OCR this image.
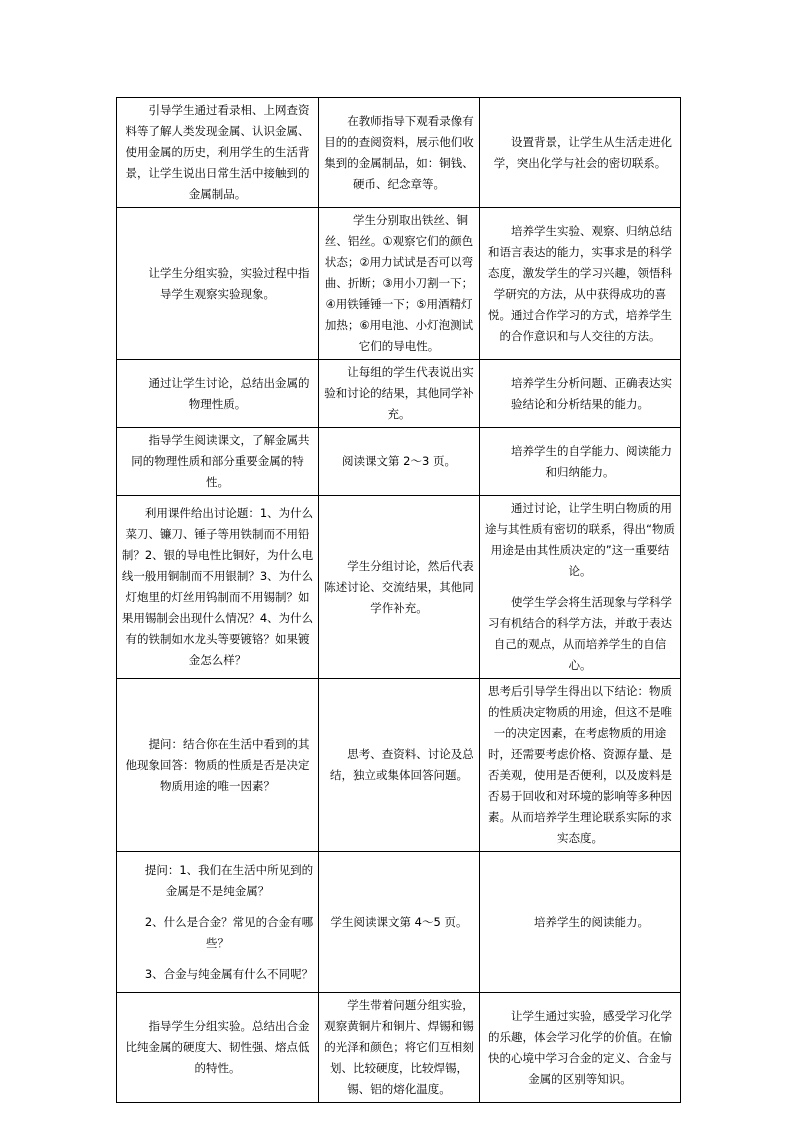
引导学生通过看录相、上网查资料等了解人类发现金属、认识金属、使用金属的历史，利用学生的生活背景，让学生说出日常生活中接触到的金属制品。	在教师指导下观看录像有目的的查阅资料，展示他们收集到的金属制品，如：铜钱、硬币、纪念章等。	设置背景，让学生从生活走进化学，突出化学与社会的密切联系。

让学生分组实验，实验过程中指导学生观察实验现象。	学生分别取出铁丝、铜丝、铝丝。①观察它们的颜色状态；②用力试试是否可以弯曲、折断；③用小刀割一下；④用铁锤锤一下；⑤用酒精灯加热；⑥用电池、小灯泡测试它们的导电性。	培养学生实验、观察、归纳总结和语言表达的能力，实事求是的科学态度，激发学生的学习兴趣，领悟科学研究的方法，从中获得成功的喜悦。通过合作学习的方式，培养学生的合作意识和与人交往的方法。

通过让学生讨论，总结出金属的物理性质。	让每组的学生代表说出实验和讨论的结果，其他同学补充。	培养学生分析问题、正确表达实验结论和分析结果的能力。

指导学生阅读课文，了解金属共同的物理性质和部分重要金属的特性。	阅读课文第 2～3 页。	培养学生的自学能力、阅读能力和归纳能力。

利用课件给出讨论题：1、为什么菜刀、镰刀、锤子等用铁制而不用铅制？2、银的导电性比铜好，为什么电线一般用铜制而不用银制？3、为什么灯炮里的灯丝用钨制而不用锡制？如果用锡制会出现什么情况？4、为什么有的铁制如水龙头等要镀铬？如果镀金怎么样？	学生分组讨论，然后代表陈述讨论、交流结果，其他同学作补充。	通过讨论，让学生明白物质的用途与其性质有密切的联系，得出“物质用途是由其性质决定的”这一重要结论。
使学生学会将生活现象与学科学习有机结合的科学方法，并敢于表达自己的观点，从而培养学生的自信心。

提问：结合你在生活中看到的其他现象回答：物质的性质是否是决定物质用途的唯一因素？	思考、查资料、讨论及总结，独立或集体回答问题。	思考后引导学生得出以下结论：物质的性质决定物质的用途，但这不是唯一的决定因素，在考虑物质的用途时，还需要考虑价格、资源存量、是否美观，使用是否便利，以及废料是否易于回收和对环境的影响等多种因素。从而培养学生理论联系实际的求实态度。

提问：1、我们在生活中所见到的金属是不是纯金属？
2、什么是合金？常见的合金有哪些？
3、合金与纯金属有什么不同呢？	学生阅读课文第 4～5 页。	培养学生的阅读能力。

指导学生分组实验。总结出合金比纯金属的硬度大、韧性强、熔点低的特性。	学生带着问题分组实验，观察黄铜片和铜片、焊锡和锡的光泽和颜色；将它们互相刻划、比较硬度，比较焊锡，锡、铝的熔化温度。	让学生通过实验，感受学习化学的乐趣，体会学习化学的价值。在愉快的心境中学习合金的定义、合金与金属的区别等知识。
